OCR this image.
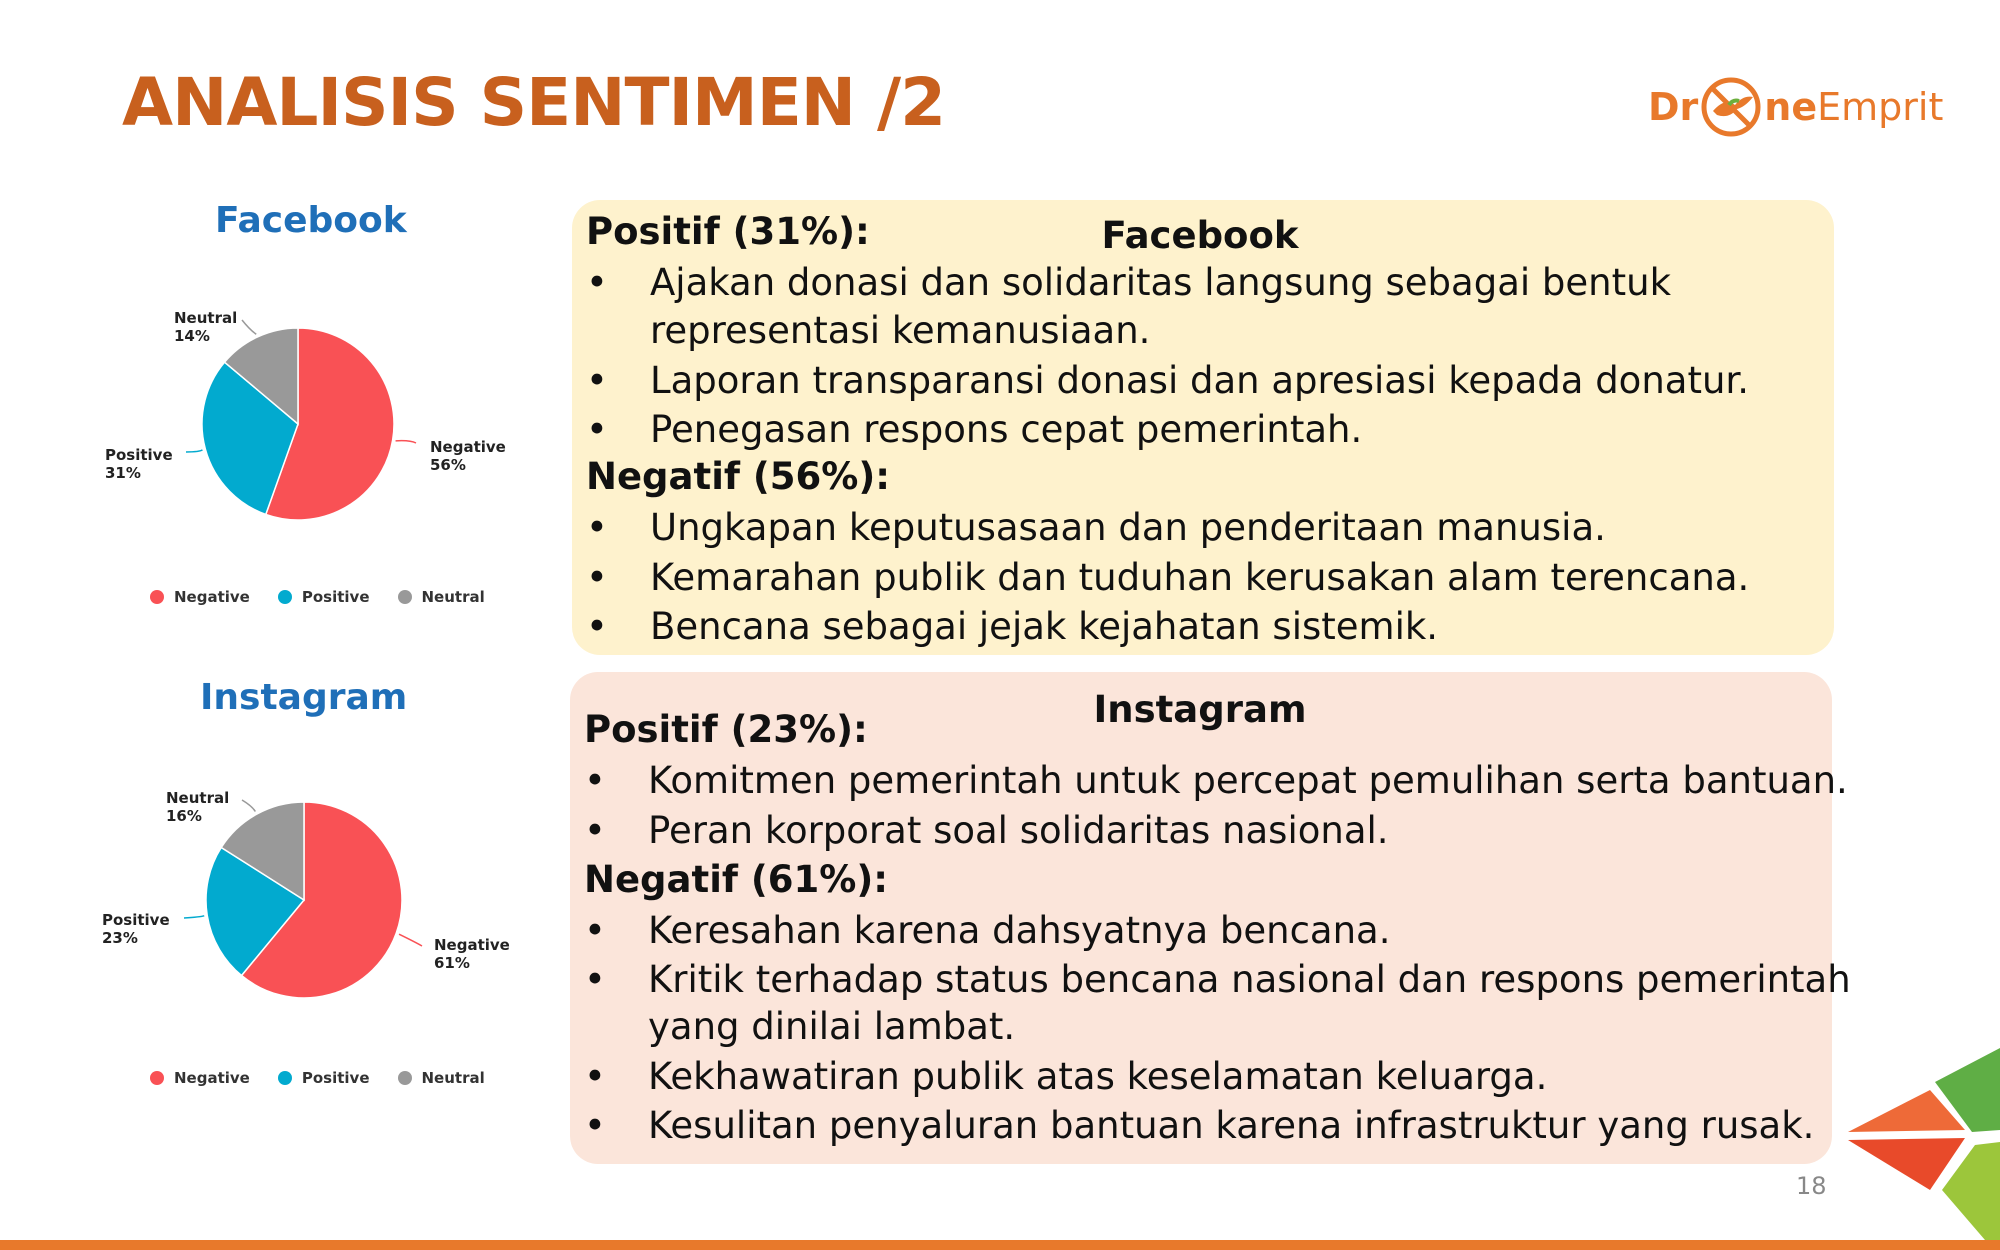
ANALISIS SENTIMEN /2	Dr ne Emprit
Facebook
Negative
56%
Positive
31%
Neutral
14%
Negative	Positive	Neutral
Instagram
Negative
61%
Positive
23%
Neutral
16%
Negative	Positive	Neutral
Facebook
Positif (31%):
• Ajakan donasi dan solidaritas langsung sebagai bentuk
representasi kemanusiaan.
• Laporan transparansi donasi dan apresiasi kepada donatur.
• Penegasan respons cepat pemerintah.
Negatif (56%):
• Ungkapan keputusasaan dan penderitaan manusia.
• Kemarahan publik dan tuduhan kerusakan alam terencana.
• Bencana sebagai jejak kejahatan sistemik.
Instagram
Positif (23%):
• Komitmen pemerintah untuk percepat pemulihan serta bantuan.
• Peran korporat soal solidaritas nasional.
Negatif (61%):
• Keresahan karena dahsyatnya bencana.
• Kritik terhadap status bencana nasional dan respons pemerintah
yang dinilai lambat.
• Kekhawatiran publik atas keselamatan keluarga.
• Kesulitan penyaluran bantuan karena infrastruktur yang rusak.
18
